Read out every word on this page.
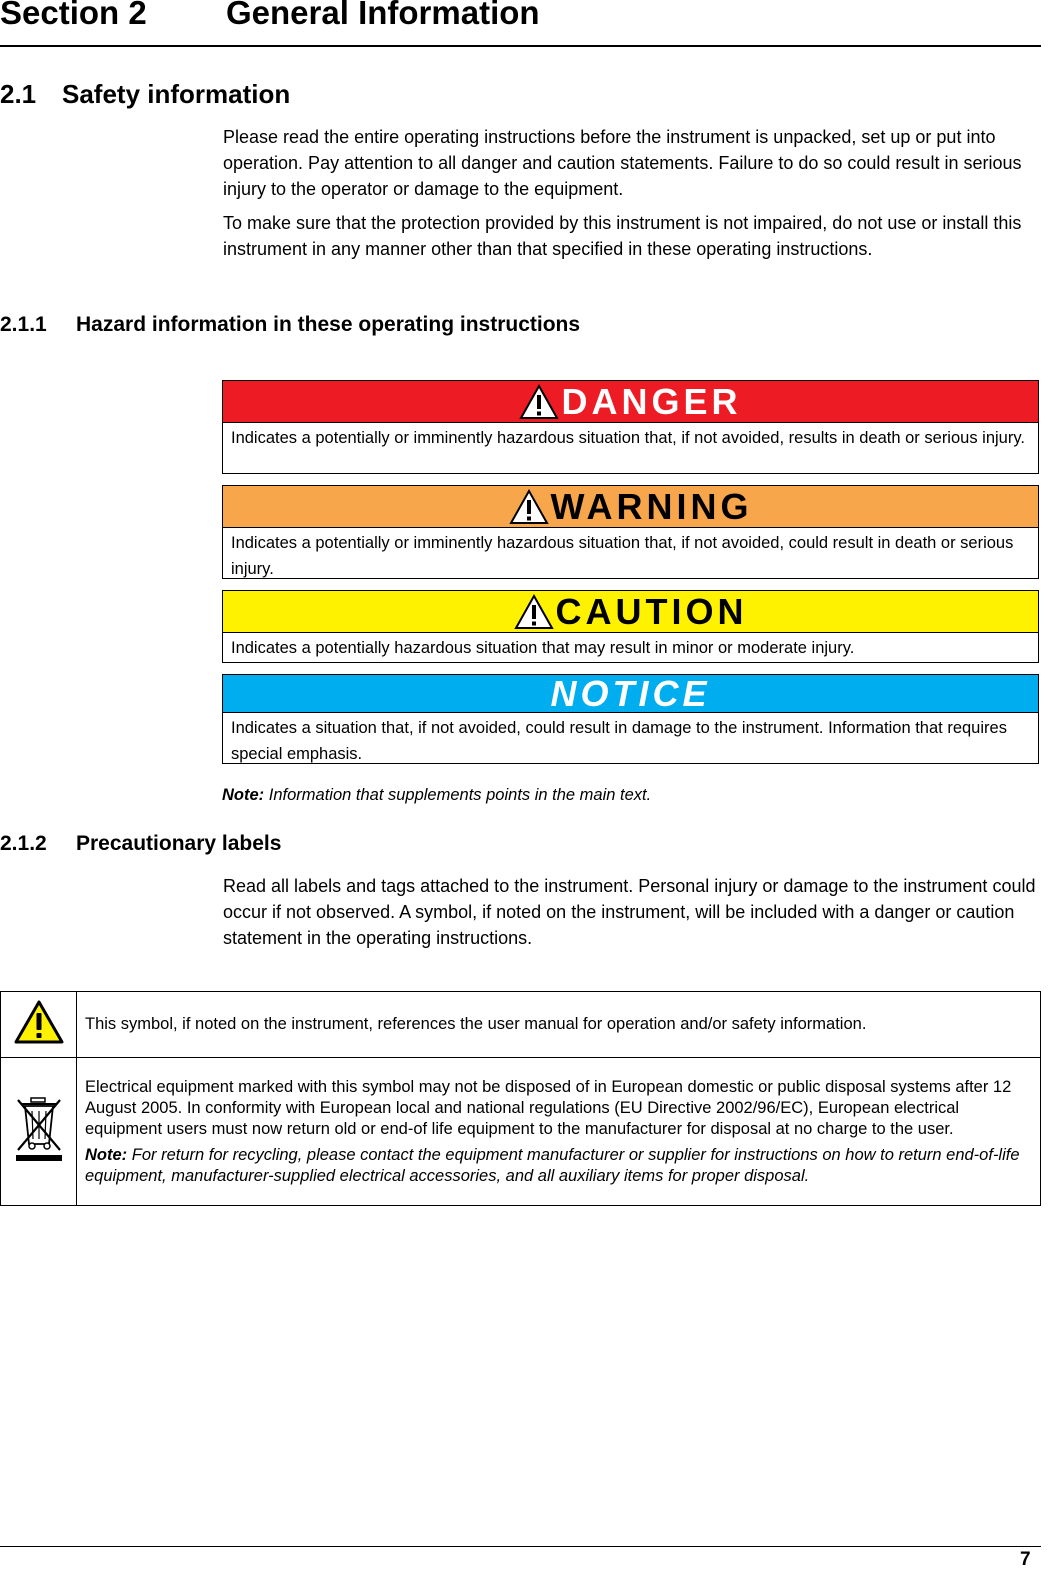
Section 2 General Information
2.1 Safety information
Please read the entire operating instructions before the instrument is unpacked, set up or put into operation. Pay attention to all danger and caution statements. Failure to do so could result in serious injury to the operator or damage to the equipment.
To make sure that the protection provided by this instrument is not impaired, do not use or install this instrument in any manner other than that specified in these operating instructions.
2.1.1 Hazard information in these operating instructions
DANGER
Indicates a potentially or imminently hazardous situation that, if not avoided, results in death or serious injury.
WARNING
Indicates a potentially or imminently hazardous situation that, if not avoided, could result in death or serious injury.
CAUTION
Indicates a potentially hazardous situation that may result in minor or moderate injury.
NOTICE
Indicates a situation that, if not avoided, could result in damage to the instrument. Information that requires special emphasis.
Note: Information that supplements points in the main text.
2.1.2 Precautionary labels
Read all labels and tags attached to the instrument. Personal injury or damage to the instrument could occur if not observed. A symbol, if noted on the instrument, will be included with a danger or caution statement in the operating instructions.

This symbol, if noted on the instrument, references the user manual for operation and/or safety information.

Electrical equipment marked with this symbol may not be disposed of in European domestic or public disposal systems after 12 August 2005. In conformity with European local and national regulations (EU Directive 2002/96/EC), European electrical equipment users must now return old or end-of life equipment to the manufacturer for disposal at no charge to the user.

Note: For return for recycling, please contact the equipment manufacturer or supplier for instructions on how to return end-of-life equipment, manufacturer-supplied electrical accessories, and all auxiliary items for proper disposal.

7
